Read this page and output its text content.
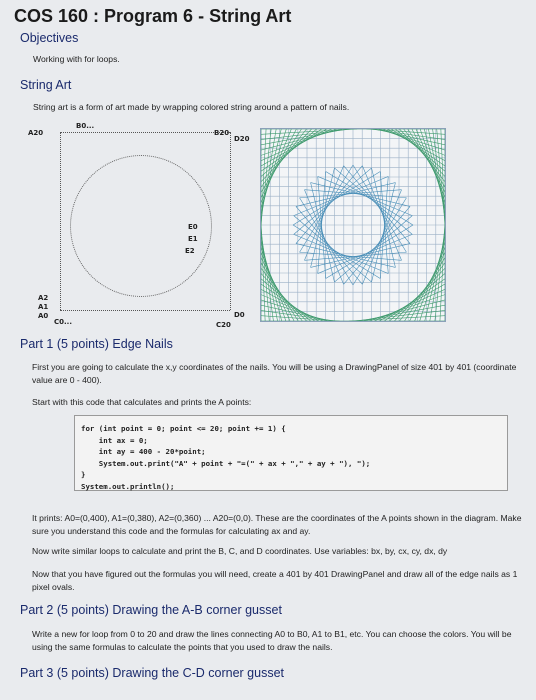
COS 160 : Program 6 - String Art
Objectives
Working with for loops.
String Art
String art is a form of art made by wrapping colored string around a pattern of nails.
B0...
A20	B20
D20
E0
E1
E2
A2
A1
A0
C0...
D0
C20
Part 1 (5 points) Edge Nails
First you are going to calculate the x,y coordinates of the nails. You will be using a DrawingPanel of size 401 by 401 (coordinate value are 0 - 400).
Start with this code that calculates and prints the A points:
for (int point = 0; point <= 20; point += 1) {
int ax = 0;
int ay = 400 - 20*point;
System.out.print("A" + point + "=(" + ax + "," + ay + "), ");
}
System.out.println();
It prints: A0=(0,400), A1=(0,380), A2=(0,360) ... A20=(0,0). These are the coordinates of the A points shown in the diagram. Make sure you understand this code and the formulas for calculating ax and ay.
Now write similar loops to calculate and print the B, C, and D coordinates. Use variables: bx, by, cx, cy, dx, dy
Now that you have figured out the formulas you will need, create a 401 by 401 DrawingPanel and draw all of the edge nails as 1 pixel ovals.
Part 2 (5 points) Drawing the A-B corner gusset
Write a new for loop from 0 to 20 and draw the lines connecting A0 to B0, A1 to B1, etc. You can choose the colors. You will be using the same formulas to calculate the points that you used to draw the nails.
Part 3 (5 points) Drawing the C-D corner gusset
